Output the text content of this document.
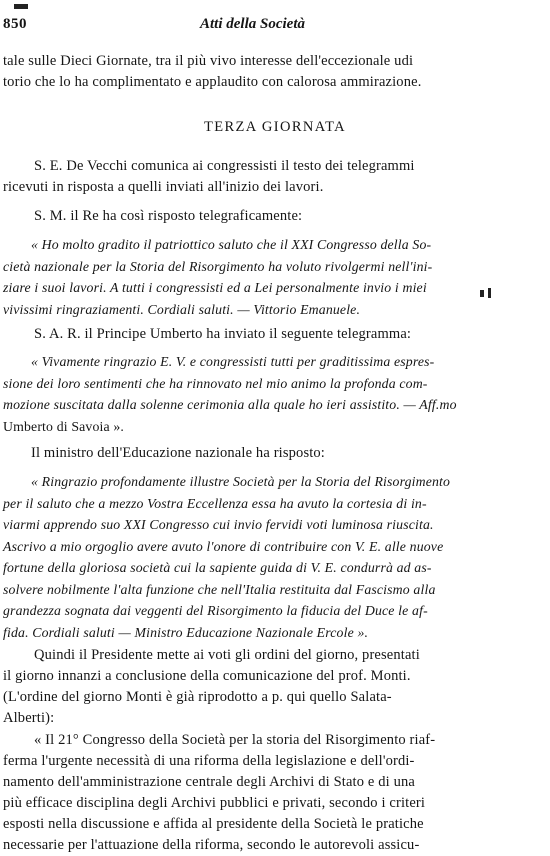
850	Atti della Società

tale sulle Dieci Giornate, tra il più vivo interesse dell'eccezionale udi
torio che lo ha complimentato e applaudito con calorosa ammirazione.

TERZA GIORNATA

S. E. De Vecchi comunica ai congressisti il testo dei telegrammi
ricevuti in risposta a quelli inviati all'inizio dei lavori.

S. M. il Re ha così risposto telegraficamente:

« Ho molto gradito il patriottico saluto che il XXI Congresso della So-
cietà nazionale per la Storia del Risorgimento ha voluto rivolgermi nell'ini-
ziare i suoi lavori. A tutti i congressisti ed a Lei personalmente invio i miei
vivissimi ringraziamenti. Cordiali saluti. — Vittorio Emanuele.

S. A. R. il Principe Umberto ha inviato il seguente telegramma:

« Vivamente ringrazio E. V. e congressisti tutti per graditissima espres-
sione dei loro sentimenti che ha rinnovato nel mio animo la profonda com-
mozione suscitata dalla solenne cerimonia alla quale ho ieri assistito. — Aff.mo
Umberto di Savoia ».

Il ministro dell'Educazione nazionale ha risposto:

« Ringrazio profondamente illustre Società per la Storia del Risorgimento
per il saluto che a mezzo Vostra Eccellenza essa ha avuto la cortesia di in-
viarmi apprendo suo XXI Congresso cui invio fervidi voti luminosa riuscita.
Ascrivo a mio orgoglio avere avuto l'onore di contribuire con V. E. alle nuove
fortune della gloriosa società cui la sapiente guida di V. E. condurrà ad as-
solvere nobilmente l'alta funzione che nell'Italia restituita dal Fascismo alla
grandezza sognata dai veggenti del Risorgimento la fiducia del Duce le af-
fida. Cordiali saluti — Ministro Educazione Nazionale Ercole ».

Quindi il Presidente mette ai voti gli ordini del giorno, presentati
il giorno innanzi a conclusione della comunicazione del prof. Monti.
(L'ordine del giorno Monti è già riprodotto a p. qui quello Salata-
Alberti):

« Il 21° Congresso della Società per la storia del Risorgimento riaf-
ferma l'urgente necessità di una riforma della legislazione e dell'ordi-
namento dell'amministrazione centrale degli Archivi di Stato e di una
più efficace disciplina degli Archivi pubblici e privati, secondo i criteri
esposti nella discussione e affida al presidente della Società le pratiche
necessarie per l'attuazione della riforma, secondo le autorevoli assicu-
